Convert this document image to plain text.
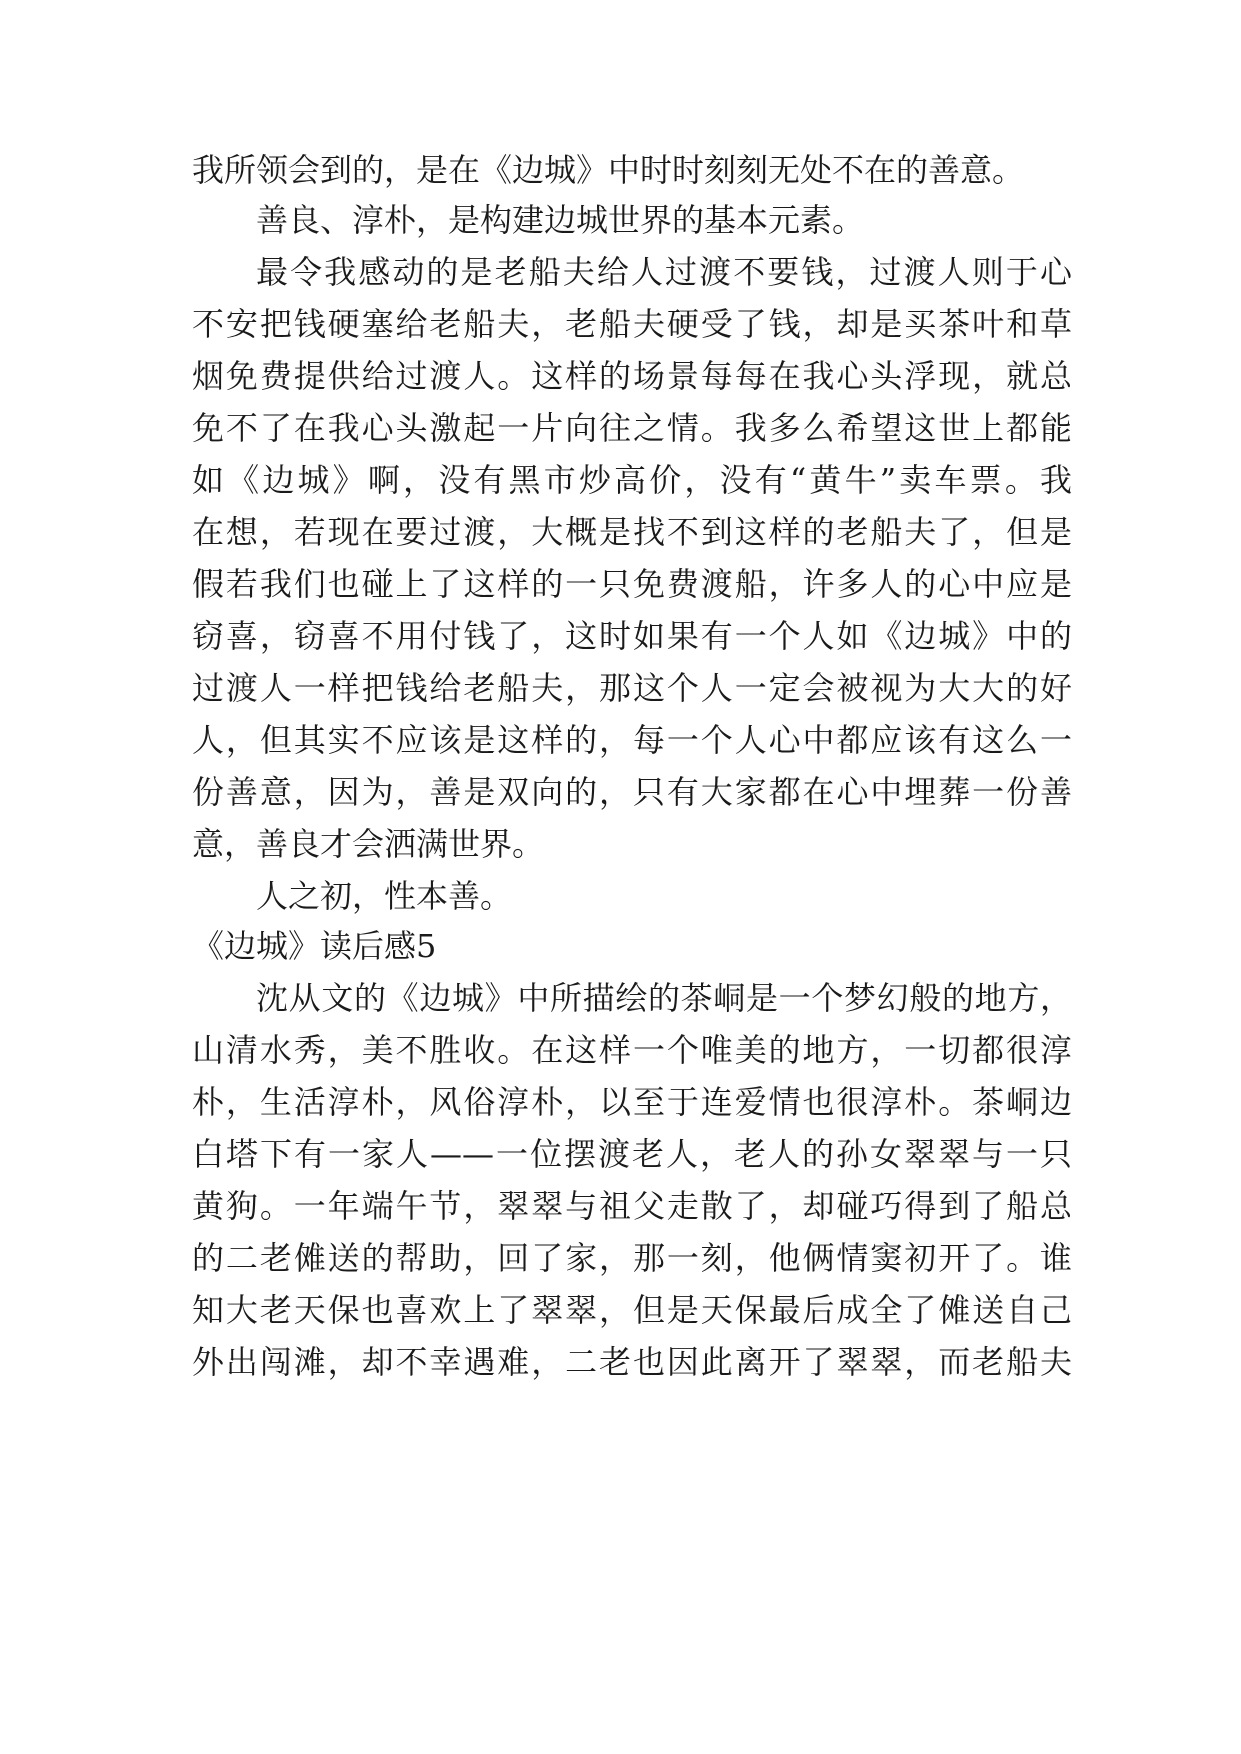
我所领会到的，是在《边城》中时时刻刻无处不在的善意。

善良、淳朴，是构建边城世界的基本元素。

最令我感动的是老船夫给人过渡不要钱，过渡人则于心

不安把钱硬塞给老船夫，老船夫硬受了钱，却是买茶叶和草

烟免费提供给过渡人。这样的场景每每在我心头浮现，就总

免不了在我心头激起一片向往之情。我多么希望这世上都能

如《边城》啊，没有黑市炒高价，没有“黄牛”卖车票。我

在想，若现在要过渡，大概是找不到这样的老船夫了，但是

假若我们也碰上了这样的一只免费渡船，许多人的心中应是

窃喜，窃喜不用付钱了，这时如果有一个人如《边城》中的

过渡人一样把钱给老船夫，那这个人一定会被视为大大的好

人，但其实不应该是这样的，每一个人心中都应该有这么一

份善意，因为，善是双向的，只有大家都在心中埋葬一份善

意，善良才会洒满世界。

人之初，性本善。

《边城》读后感5

沈从文的《边城》中所描绘的茶峒是一个梦幻般的地方，

山清水秀，美不胜收。在这样一个唯美的地方，一切都很淳

朴，生活淳朴，风俗淳朴，以至于连爱情也很淳朴。茶峒边

白塔下有一家人——一位摆渡老人，老人的孙女翠翠与一只

黄狗。一年端午节，翠翠与祖父走散了，却碰巧得到了船总

的二老傩送的帮助，回了家，那一刻，他俩情窦初开了。谁

知大老天保也喜欢上了翠翠，但是天保最后成全了傩送自己

外出闯滩，却不幸遇难，二老也因此离开了翠翠，而老船夫
